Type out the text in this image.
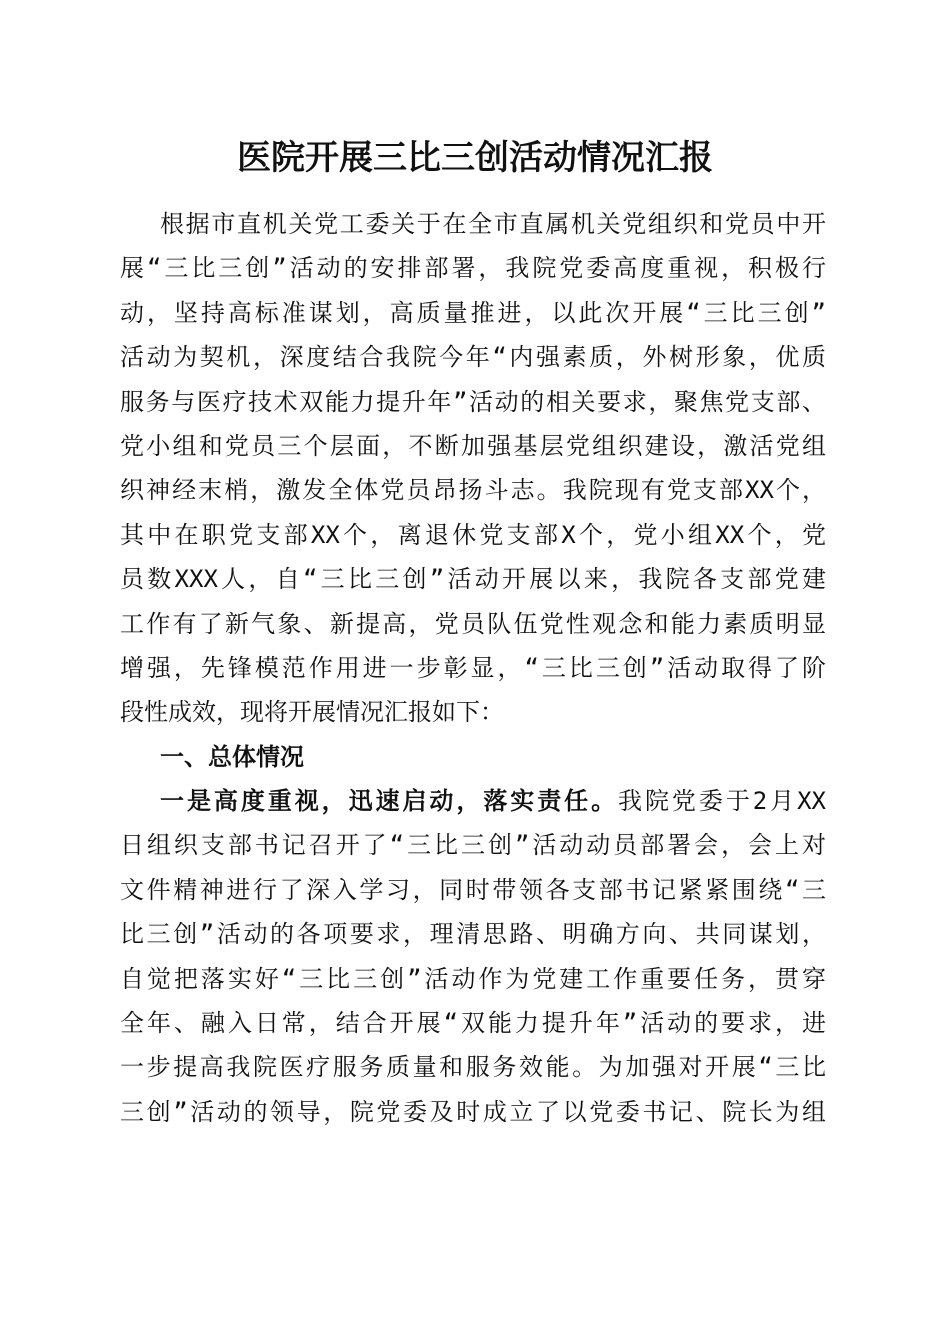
医院开展三比三创活动情况汇报
根据市直机关党工委关于在全市直属机关党组织和党员中开
展“三比三创”活动的安排部署，我院党委高度重视，积极行
动，坚持高标准谋划，高质量推进，以此次开展“三比三创”
活动为契机，深度结合我院今年“内强素质，外树形象，优质
服务与医疗技术双能力提升年”活动的相关要求，聚焦党支部、
党小组和党员三个层面，不断加强基层党组织建设，激活党组
织神经末梢，激发全体党员昂扬斗志。我院现有党支部XX个，
其中在职党支部XX个，离退休党支部X个，党小组XX个，党
员数XXX人，自“三比三创”活动开展以来，我院各支部党建
工作有了新气象、新提高，党员队伍党性观念和能力素质明显
增强，先锋模范作用进一步彰显，“三比三创”活动取得了阶
段性成效，现将开展情况汇报如下：
一、总体情况
一是高度重视，迅速启动，落实责任。我院党委于2月XX
日组织支部书记召开了“三比三创”活动动员部署会，会上对
文件精神进行了深入学习，同时带领各支部书记紧紧围绕“三
比三创”活动的各项要求，理清思路、明确方向、共同谋划，
自觉把落实好“三比三创”活动作为党建工作重要任务，贯穿
全年、融入日常，结合开展“双能力提升年”活动的要求，进
一步提高我院医疗服务质量和服务效能。为加强对开展“三比
三创”活动的领导，院党委及时成立了以党委书记、院长为组
